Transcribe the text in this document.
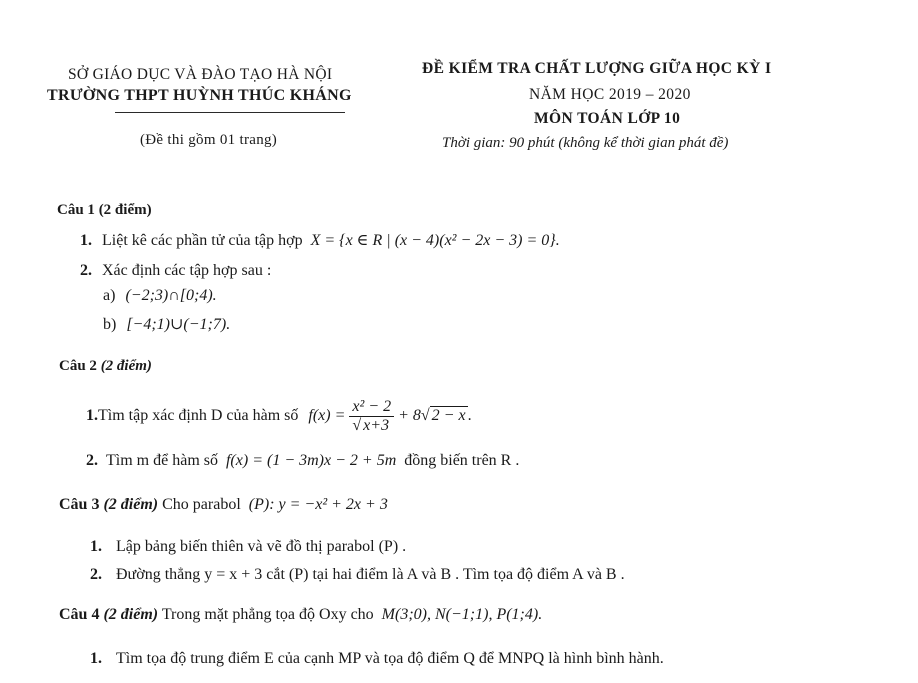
SỞ GIÁO DỤC VÀ ĐÀO TẠO HÀ NỘI
TRƯỜNG THPT HUỲNH THÚC KHÁNG
(Đề thi gồm 01 trang)
ĐỀ KIỂM TRA CHẤT LƯỢNG GIỮA HỌC KỲ I
NĂM HỌC 2019 – 2020
MÔN TOÁN LỚP 10
Thời gian: 90 phút (không kể thời gian phát đề)
Câu 1 (2 điểm)
1. Liệt kê các phần tử của tập hợp X = {x ∈ R | (x − 4)(x² − 2x − 3) = 0}.
2. Xác định các tập hợp sau :
a) (−2;3)∩[0;4).
b) [−4;1)∪(−1;7).
Câu 2 (2 điểm)
1.Tìm tập xác định D của hàm số $f(x) = \frac{\text{x² − 2}}{√ x+3} + 8√$ 2 − x .
2. Tìm m để hàm số f(x) = (1 − 3m)x − 2 + 5m đồng biến trên R .
Câu 3 (2 điểm) Cho parabol (P): y = −x² + 2x + 3
1. Lập bảng biến thiên và vẽ đồ thị parabol (P) .
2. Đường thẳng y = x + 3 cắt (P) tại hai điểm là A và B . Tìm tọa độ điểm A và B .
Câu 4 (2 điểm) Trong mặt phẳng tọa độ Oxy cho M(3;0), N(−1;1), P(1;4).
1. Tìm tọa độ trung điểm E của cạnh MP và tọa độ điểm Q để MNPQ là hình bình hành.
